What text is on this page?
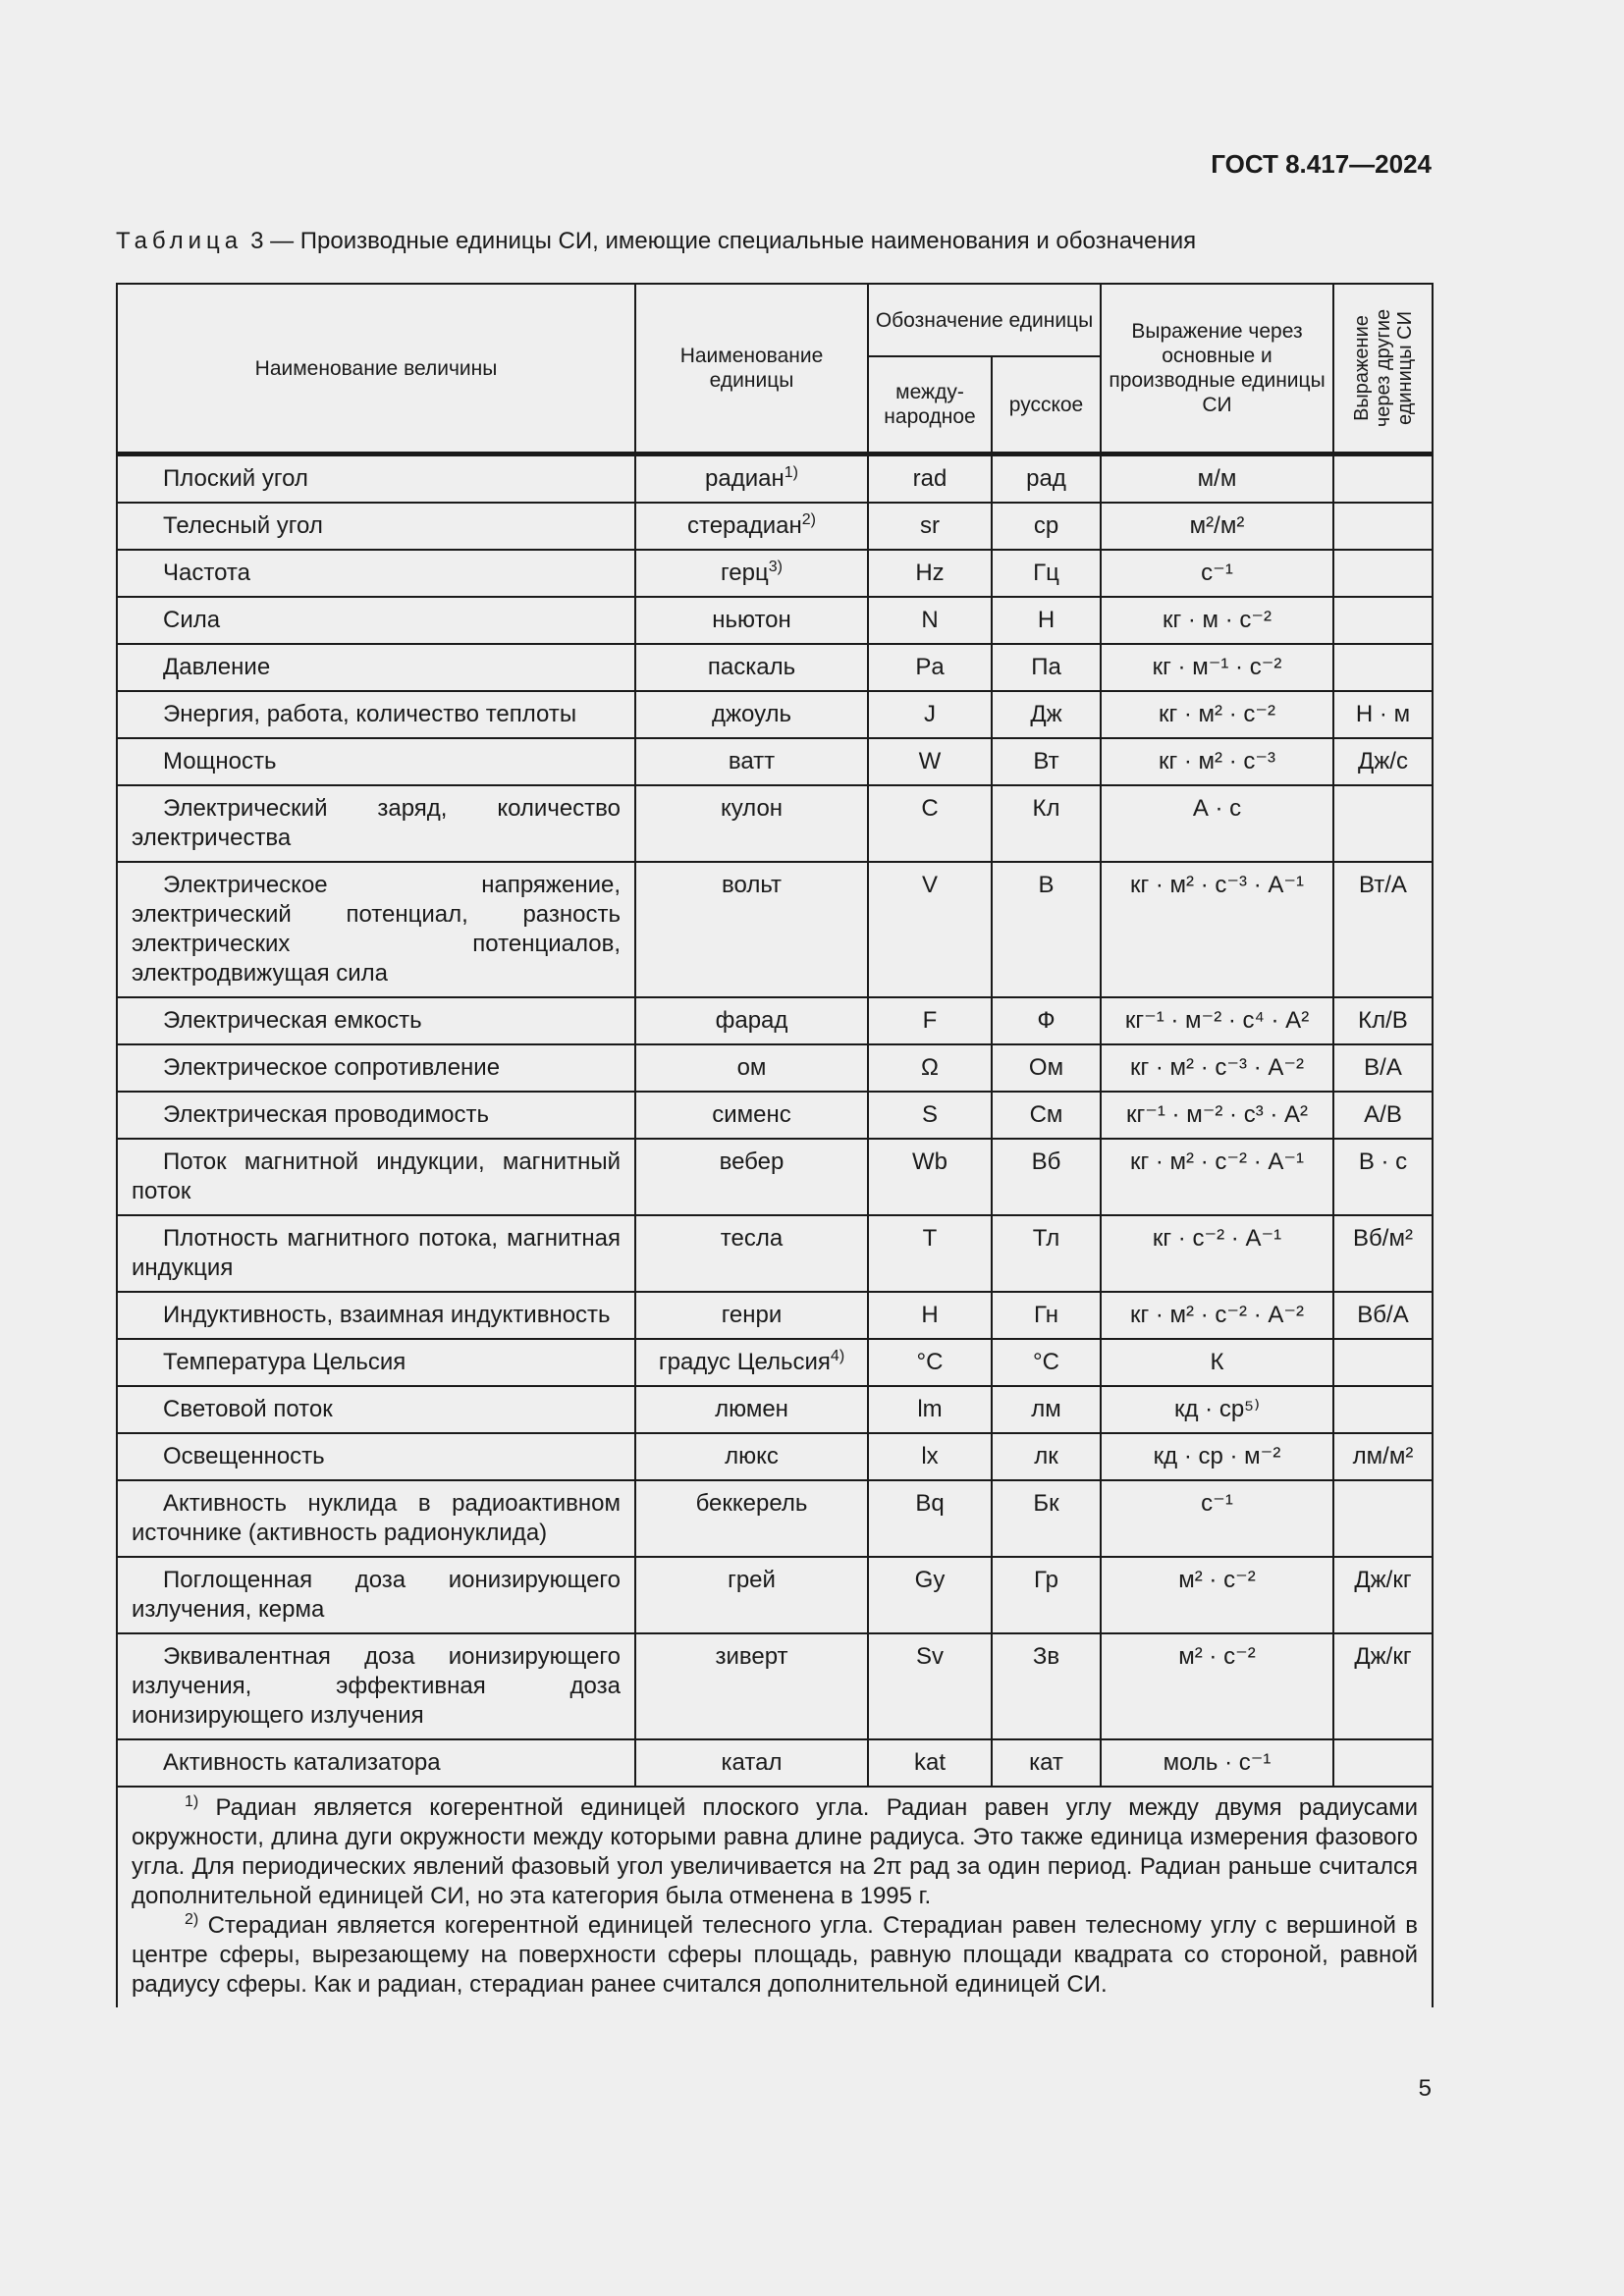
ГОСТ 8.417—2024
Таблица 3 — Производные единицы СИ, имеющие специальные наименования и обозначения
Наименование величины	Наименование единицы	Обозначение единицы		Выражение через основные и производные единицы СИ	Выражение через другие единицы СИ

		между-народное	русское		
Плоский угол	радиан$^{1)}$	rad	рад	м/м	
Телесный угол	стерадиан$^{2)}$	sr	ср	м²/м²	
Частота	герц$^{3)}$	Hz	Гц	с⁻¹	
Сила	ньютон	N	Н	кг · м · с⁻²	
Давление	паскаль	Pa	Па	кг · м⁻¹ · с⁻²	
Энергия, работа, количество теплоты	джоуль	J	Дж	кг · м² · с⁻²	Н · м
Мощность	ватт	W	Вт	кг · м² · с⁻³	Дж/с
Электрический заряд, количество электричества	кулон	C	Кл	А · с	
Электрическое напряжение, электрический потенциал, разность электрических потенциалов, электродвижущая сила	вольт	V	В	кг · м² · с⁻³ · А⁻¹	Вт/А
Электрическая емкость	фарад	F	Ф	кг⁻¹ · м⁻² · с⁴ · А²	Кл/В
Электрическое сопротивление	ом	Ω	Ом	кг · м² · с⁻³ · А⁻²	В/А
Электрическая проводимость	сименс	S	См	кг⁻¹ · м⁻² · с³ · А²	А/В
Поток магнитной индукции, магнитный поток	вебер	Wb	Вб	кг · м² · с⁻² · А⁻¹	В · с
Плотность магнитного потока, магнитная индукция	тесла	T	Тл	кг · с⁻² · А⁻¹	Вб/м²
Индуктивность, взаимная индуктивность	генри	H	Гн	кг · м² · с⁻² · А⁻²	Вб/А
Температура Цельсия	градус Цельсия$^{4)}$	°C	°С	К	
Световой поток	люмен	lm	лм	кд · ср⁵⁾	
Освещенность	люкс	lx	лк	кд · ср · м⁻²	лм/м²
Активность нуклида в радиоактивном источнике (активность радионуклида)	беккерель	Bq	Бк	с⁻¹	
Поглощенная доза ионизирующего излучения, керма	грей	Gy	Гр	м² · с⁻²	Дж/кг
Эквивалентная доза ионизирующего излучения, эффективная доза ионизирующего излучения	зиверт	Sv	Зв	м² · с⁻²	Дж/кг
Активность катализатора	катал	kat	кат	моль · с⁻¹	

$^{1)}$ Радиан является когерентной единицей плоского угла. Радиан равен углу между двумя радиусами окружности, длина дуги окружности между которыми равна длине радиуса. Это также единица измерения фазового угла. Для периодических явлений фазовый угол увеличивается на 2π рад за один период. Радиан раньше считался дополнительной единицей СИ, но эта категория была отменена в 1995 г.

$^{2)}$ Стерадиан является когерентной единицей телесного угла. Стерадиан равен телесному углу с вершиной в центре сферы, вырезающему на поверхности сферы площадь, равную площади квадрата со стороной, равной радиусу сферы. Как и радиан, стерадиан ранее считался дополнительной единицей СИ.					

5
